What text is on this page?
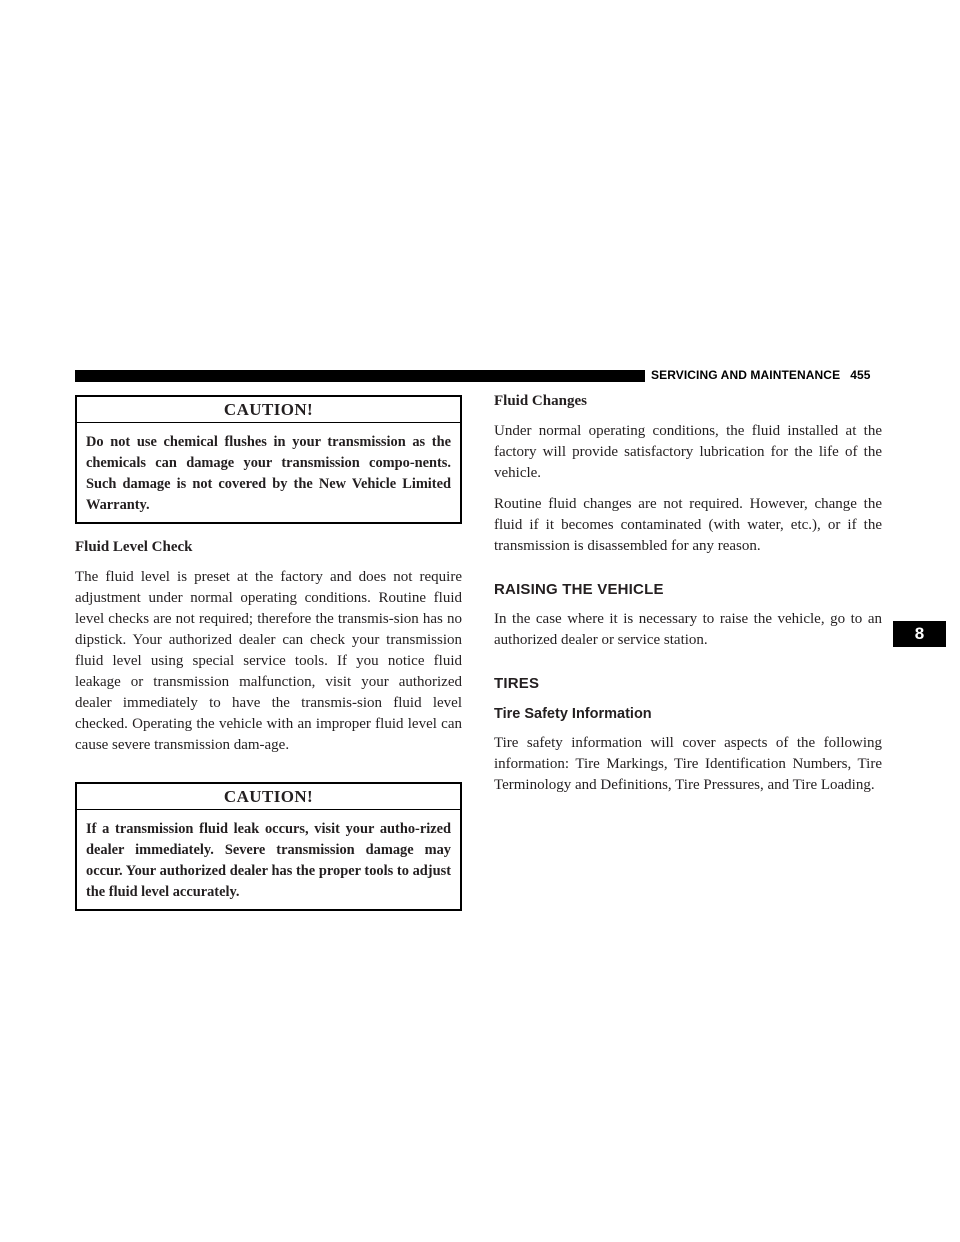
SERVICING AND MAINTENANCE 455
CAUTION!
Do not use chemical flushes in your transmission as the chemicals can damage your transmission compo-nents. Such damage is not covered by the New Vehicle Limited Warranty.

Fluid Level Check

The fluid level is preset at the factory and does not require adjustment under normal operating conditions. Routine fluid level checks are not required; therefore the transmis-sion has no dipstick. Your authorized dealer can check your transmission fluid level using special service tools. If you notice fluid leakage or transmission malfunction, visit your authorized dealer immediately to have the transmis-sion fluid level checked. Operating the vehicle with an improper fluid level can cause severe transmission dam-age.

CAUTION!
If a transmission fluid leak occurs, visit your autho-rized dealer immediately. Severe transmission damage may occur. Your authorized dealer has the proper tools to adjust the fluid level accurately.

Fluid Changes

Under normal operating conditions, the fluid installed at the factory will provide satisfactory lubrication for the life of the vehicle.

Routine fluid changes are not required. However, change the fluid if it becomes contaminated (with water, etc.), or if the transmission is disassembled for any reason.

RAISING THE VEHICLE

In the case where it is necessary to raise the vehicle, go to an authorized dealer or service station.

TIRES

Tire Safety Information

Tire safety information will cover aspects of the following information: Tire Markings, Tire Identification Numbers, Tire Terminology and Definitions, Tire Pressures, and Tire Loading.

8
